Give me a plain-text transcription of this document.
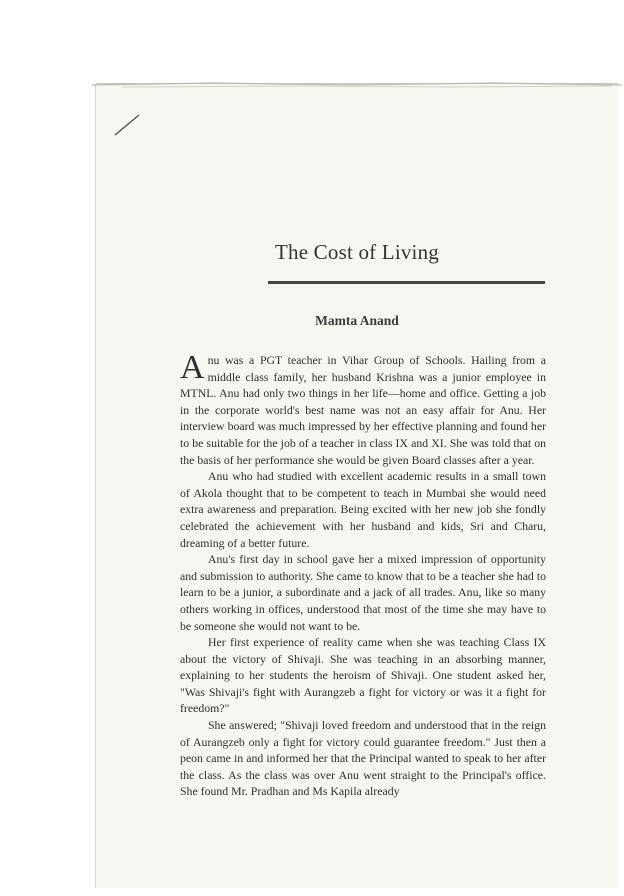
The Cost of Living
Mamta Anand

Anu was a PGT teacher in Vihar Group of Schools. Hailing from a middle class family, her husband Krishna was a junior employee in MTNL. Anu had only two things in her life—home and office. Getting a job in the corporate world's best name was not an easy affair for Anu. Her interview board was much impressed by her effective planning and found her to be suitable for the job of a teacher in class IX and XI. She was told that on the basis of her performance she would be given Board classes after a year.

Anu who had studied with excellent academic results in a small town of Akola thought that to be competent to teach in Mumbai she would need extra awareness and preparation. Being excited with her new job she fondly celebrated the achievement with her husband and kids, Sri and Charu, dreaming of a better future.

Anu's first day in school gave her a mixed impression of opportunity and submission to authority. She came to know that to be a teacher she had to learn to be a junior, a subordinate and a jack of all trades. Anu, like so many others working in offices, understood that most of the time she may have to be someone she would not want to be.

Her first experience of reality came when she was teaching Class IX about the victory of Shivaji. She was teaching in an absorbing manner, explaining to her students the heroism of Shivaji. One student asked her, "Was Shivaji's fight with Aurangzeb a fight for victory or was it a fight for freedom?"

She answered; "Shivaji loved freedom and understood that in the reign of Aurangzeb only a fight for victory could guarantee freedom." Just then a peon came in and informed her that the Principal wanted to speak to her after the class. As the class was over Anu went straight to the Principal's office. She found Mr. Pradhan and Ms Kapila already
